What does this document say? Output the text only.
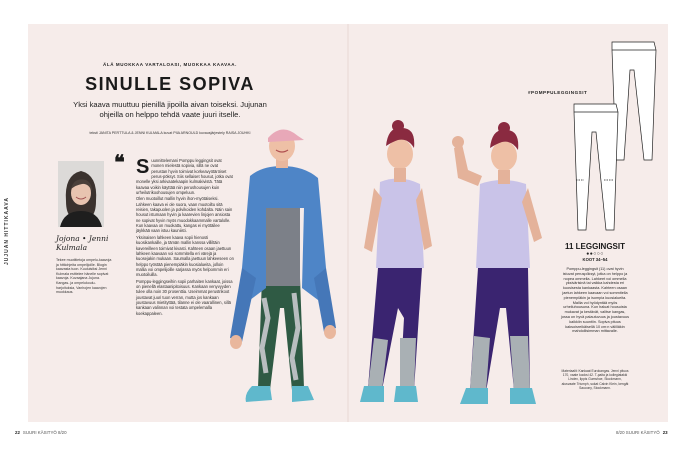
JUJUAN HITTIKAAVA
ÄLÄ MUOKKAA VARTALOASI, MUOKKAA KAAVAA.
SINULLE SOPIVA
Yksi kaava muuttuu pienillä jipoilla aivan toiseksi. Jujunan ohjeilla on helppo tehdä vaate juuri itselle.
teksti JANITA PERTTULA & JENNI KULMALA kuvat PIIA ARNOULD kuvausjärjestely RAISA JOUHKI
Jojona • Jenni Kulmala
Tekee muotitietoja ompelu-kaavoja ja hittiohjeita ompelijoille. Blogin kaavasta tuon. Kuuluisiksi Jenni Kulmala esittelee hänelle sopivat kaavoja. Kuvaajana Jujuna. Kangas- ja ompelukoulu-harjoituksia, Vanhojen kaavojen muokkaus.
❝ Suunnittelemani Pomppu leggingsit ovat monen mielestä sopivia, sillä ne ovat perustan hyvin toimivat korkeavyötäröiset perus-pöksyt. Siis sellaiset housut, jotka ovat monelle yksi arkivaatekaapin kulmakivistä. Tätä kaavaa voikin käyttää niin perushousujen kuin urheilutrikoohousujen ompeluun.
Olen muotoillut mallin hyvin ihon-myötäiseksi. Lahkeen kaava ei ole suora, vaan muotoiltu sitä reisien, takapuolen ja polvikoiden kohdalta. Näin sain housut istumaan hyvin ja kaarevien linjojen ansiosta ne sopivat hyvin myös muodokkaammalle vartalolle. Kun kaavaa on muokattu, kangas ei myötäilee jäykkää vaan istuu kauniisti.
Yksinaisen lahkeen kaava sopii hienosti kuosikankaille, ja tämän mallin kanssa villiltäin kavereilleen toimivat kivasti. Kahteen osaan jaettuun lahkeen kaavaan voi sommitella eri värejä ja kuosejakin mukaan. Saumalla jaettuun lahkeeseen on helppo työstää pienempiäkin kuosialueita, jolloin mallia voi ompelijoille sarjassa myös helpommin eri muotoiluilla.
Pomppu-leggingseihin sopii parhaiten kankaat, joissa on pienellä elastaanipitoisuus. Kankaan venyvyyden tulee olla noin 30 prosenttia. Useimmat perustrikoot joustavat juuri tuon verran, mutta jos kankaan joustavuus mietityttää, tilanne ei ole vaarallinen, sillä kankaan valinnan voi testata ompelemalla koekappaleen.
#POMPPULEGGINGSIT
11 LEGGINGSIT
●●○○○
KOOT 34–54
Pomppu-leggingsit (11) ovat hyvin istuvat peruspöksyt, jotka on helppo ja nopea ommella. Lahkeet voi ommella yksivärisinä tai vaikka kahdesta eri kuosisesta kankaasta. Kahteen osaan jaetun lahkeen kaavaan voi sommitella pienempiäkin ja isompia kuosialueita. Mallia voi hyödyntää myös urheiluhousuna. Kun haluat housuista mukavat ja kestävät, valitse kangas, jossa on hyvä palautuvuus ja joustavuus kaikkiin suuntiin. Sopiva pituus kaksoisreikäisellä 10 cm:n välilläkin mahdollisimman mittavalle.
Materiaalit: Kankaat Eurokangas. Jenni pituus 170, vaate kooksi 42. T-paita ja kollegiatakki Lindex, lippis Gumshoe, Stockmann, alusvaate Triumph, sukat Calvin Klein, kengät Saucony, Stockmann.
22 SUURI KÄSITYÖ 8/20	8/20 SUURI KÄSITYÖ 23
